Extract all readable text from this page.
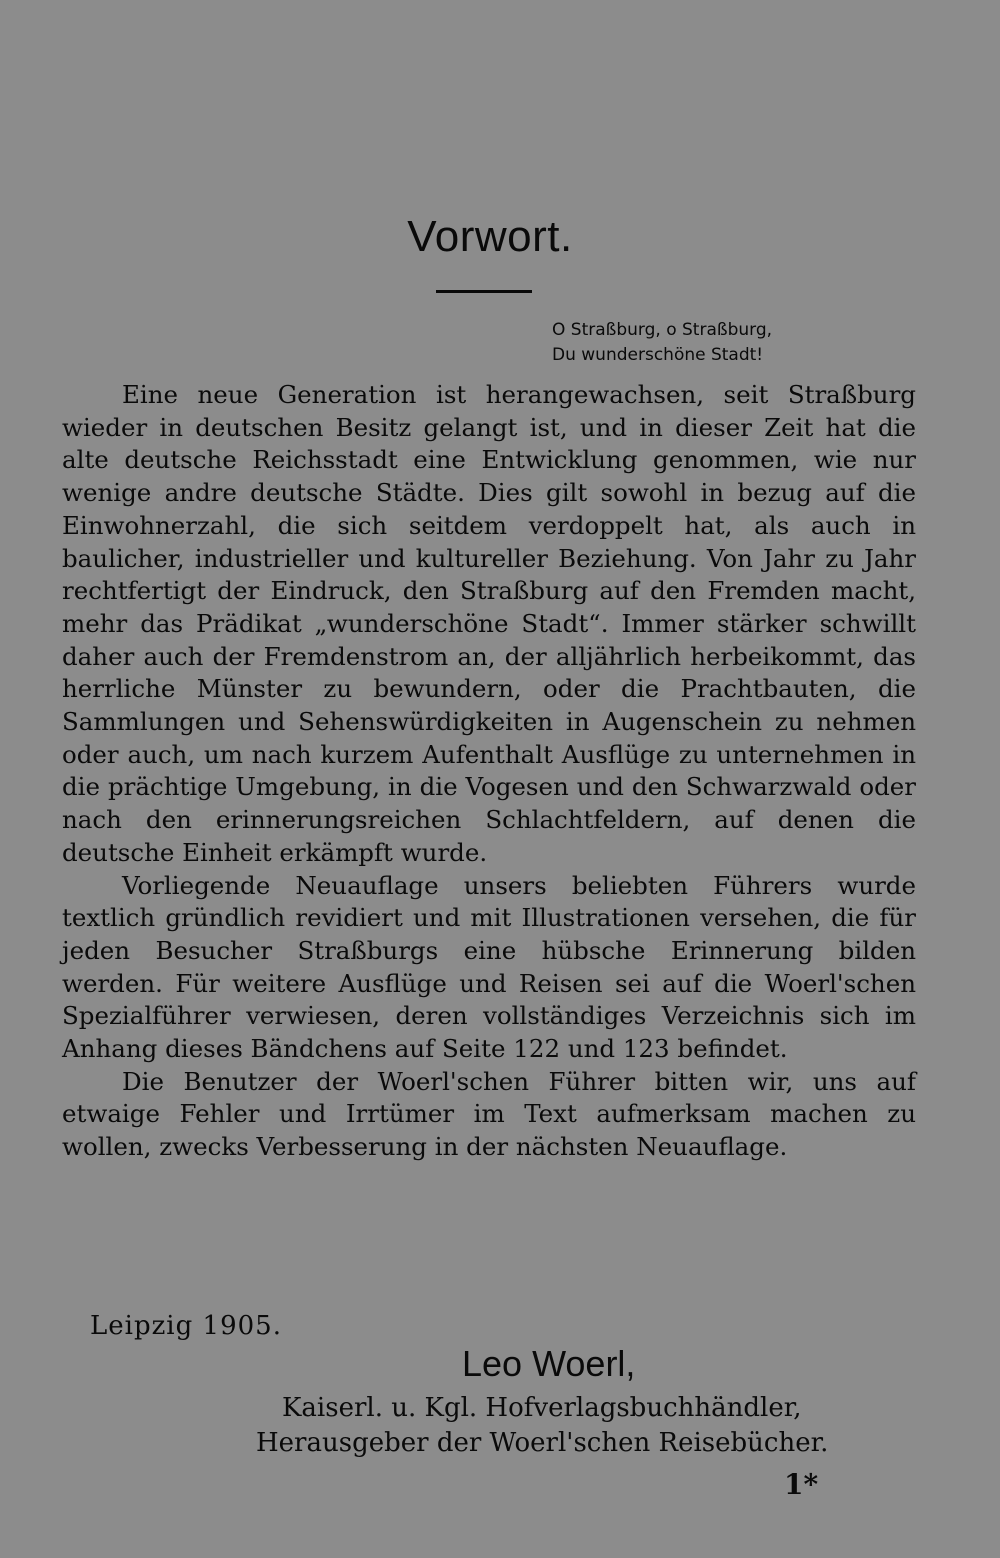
Vorwort.
O Straßburg, o Straßburg,
Du wunderschöne Stadt!

Eine neue Generation ist herangewachsen, seit Straßburg wieder in deutschen Besitz gelangt ist, und in dieser Zeit hat die alte deutsche Reichsstadt eine Entwicklung genommen, wie nur wenige andre deutsche Städte. Dies gilt sowohl in bezug auf die Einwohnerzahl, die sich seitdem verdoppelt hat, als auch in baulicher, industrieller und kultureller Beziehung. Von Jahr zu Jahr rechtfertigt der Eindruck, den Straßburg auf den Fremden macht, mehr das Prädikat „wunderschöne Stadt“. Immer stärker schwillt daher auch der Fremdenstrom an, der alljährlich herbeikommt, das herrliche Münster zu bewundern, oder die Prachtbauten, die Sammlungen und Sehenswürdigkeiten in Augenschein zu nehmen oder auch, um nach kurzem Aufenthalt Ausflüge zu unternehmen in die prächtige Umgebung, in die Vogesen und den Schwarzwald oder nach den erinnerungsreichen Schlachtfeldern, auf denen die deutsche Einheit erkämpft wurde.

Vorliegende Neuauflage unsers beliebten Führers wurde textlich gründlich revidiert und mit Illustrationen versehen, die für jeden Besucher Straßburgs eine hübsche Erinnerung bilden werden. Für weitere Ausflüge und Reisen sei auf die Woerl'schen Spezialführer verwiesen, deren vollständiges Verzeichnis sich im Anhang dieses Bändchens auf Seite 122 und 123 befindet.

Die Benutzer der Woerl'schen Führer bitten wir, uns auf etwaige Fehler und Irrtümer im Text aufmerksam machen zu wollen, zwecks Verbesserung in der nächsten Neuauflage.

Leipzig 1905.
Leo Woerl,
Kaiserl. u. Kgl. Hofverlagsbuchhändler,
Herausgeber der Woerl'schen Reisebücher.
1*
